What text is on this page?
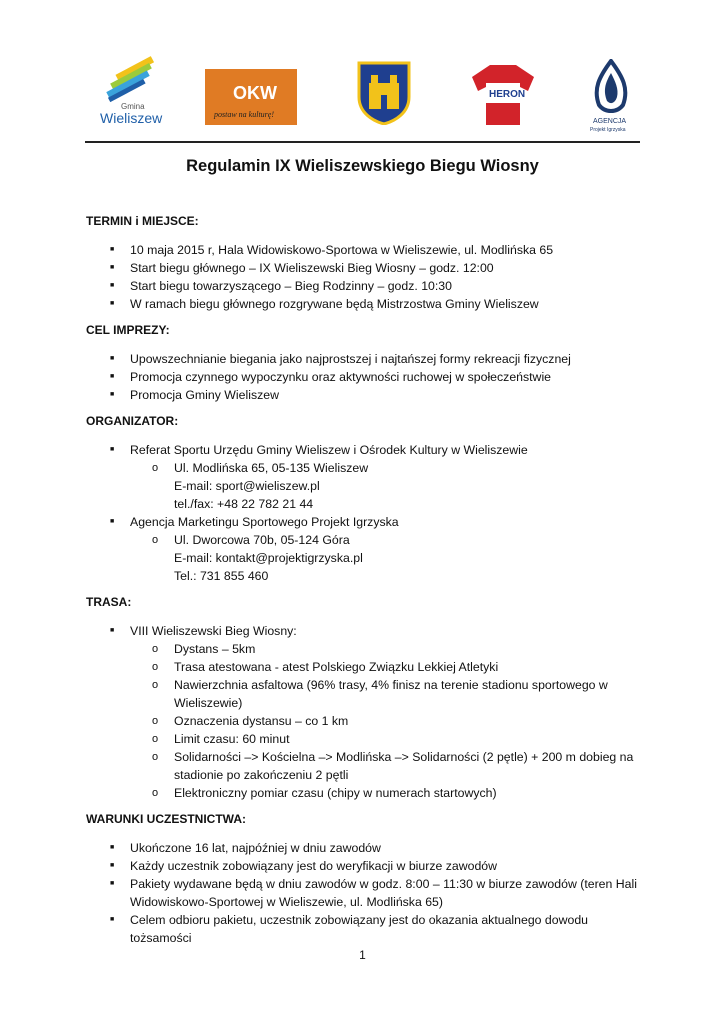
Gmina
Wieliszew
OKW
postaw na kulturę!
HERON
AGENCJA
Projekt Igrzyska
Regulamin IX Wieliszewskiego Biegu Wiosny
TERMIN i MIEJSCE:
■ 10 maja 2015 r, Hala Widowiskowo-Sportowa w Wieliszewie, ul. Modlińska 65
■ Start biegu głównego – IX Wieliszewski Bieg Wiosny – godz. 12:00
■ Start biegu towarzyszącego – Bieg Rodzinny – godz. 10:30
■ W ramach biegu głównego rozgrywane będą Mistrzostwa Gminy Wieliszew
CEL IMPREZY:
■ Upowszechnianie biegania jako najprostszej i najtańszej formy rekreacji fizycznej
■ Promocja czynnego wypoczynku oraz aktywności ruchowej w społeczeństwie
■ Promocja Gminy Wieliszew
ORGANIZATOR:
■ Referat Sportu Urzędu Gminy Wieliszew i Ośrodek Kultury w Wieliszewie
o Ul. Modlińska 65, 05-135 Wieliszew
E-mail: sport@wieliszew.pl
tel./fax: +48 22 782 21 44
■ Agencja Marketingu Sportowego Projekt Igrzyska
o Ul. Dworcowa 70b, 05-124 Góra
E-mail: kontakt@projektigrzyska.pl
Tel.: 731 855 460
TRASA:
■ VIII Wieliszewski Bieg Wiosny:
o Dystans – 5km
o Trasa atestowana - atest Polskiego Związku Lekkiej Atletyki
o Nawierzchnia asfaltowa (96% trasy, 4% finisz na terenie stadionu sportowego w Wieliszewie)
o Oznaczenia dystansu – co 1 km
o Limit czasu: 60 minut
o Solidarności –> Kościelna –> Modlińska –> Solidarności (2 pętle) + 200 m dobieg na stadionie po zakończeniu 2 pętli
o Elektroniczny pomiar czasu (chipy w numerach startowych)
WARUNKI UCZESTNICTWA:
■ Ukończone 16 lat, najpóźniej w dniu zawodów
■ Każdy uczestnik zobowiązany jest do weryfikacji w biurze zawodów
■ Pakiety wydawane będą w dniu zawodów w godz. 8:00 – 11:30 w biurze zawodów (teren Hali Widowiskowo-Sportowej w Wieliszewie, ul. Modlińska 65)
■ Celem odbioru pakietu, uczestnik zobowiązany jest do okazania aktualnego dowodu tożsamości
1
